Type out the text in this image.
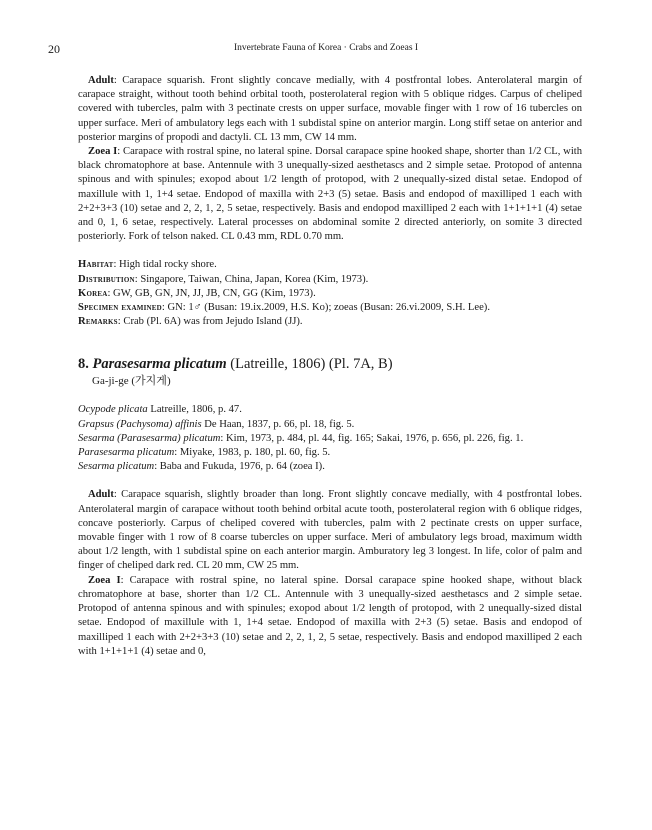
20	Invertebrate Fauna of Korea · Crabs and Zoeas I

Adult: Carapace squarish. Front slightly concave medially, with 4 postfrontal lobes. Anterolateral margin of carapace straight, without tooth behind orbital tooth, posterolateral region with 5 oblique ridges. Carpus of cheliped covered with tubercles, palm with 3 pectinate crests on upper surface, movable finger with 1 row of 16 tubercles on upper surface. Meri of ambulatory legs each with 1 subdistal spine on anterior margin. Long stiff setae on anterior and posterior margins of propodi and dactyli. CL 13 mm, CW 14 mm.

Zoea I: Carapace with rostral spine, no lateral spine. Dorsal carapace spine hooked shape, shorter than 1/2 CL, with black chromatophore at base. Antennule with 3 unequally-sized aesthetascs and 2 simple setae. Protopod of antenna spinous and with spinules; exopod about 1/2 length of protopod, with 2 unequally-sized distal setae. Endopod of maxillule with 1, 1+4 setae. Endopod of maxilla with 2+3 (5) setae. Basis and endopod of maxilliped 1 each with 2+2+3+3 (10) setae and 2, 2, 1, 2, 5 setae, respectively. Basis and endopod maxilliped 2 each with 1+1+1+1 (4) setae and 0, 1, 6 setae, respectively. Lateral processes on abdominal somite 2 directed anteriorly, on somite 3 directed posteriorly. Fork of telson naked. CL 0.43 mm, RDL 0.70 mm.

Habitat: High tidal rocky shore.

Distribution: Singapore, Taiwan, China, Japan, Korea (Kim, 1973).

Korea: GW, GB, GN, JN, JJ, JB, CN, GG (Kim, 1973).

Specimen examined: GN: 1♂ (Busan: 19.ix.2009, H.S. Ko); zoeas (Busan: 26.vi.2009, S.H. Lee).

Remarks: Crab (Pl. 6A) was from Jejudo Island (JJ).

8. Parasesarma plicatum (Latreille, 1806) (Pl. 7A, B)

Ga-ji-ge (가지게)

Ocypode plicata Latreille, 1806, p. 47.

Grapsus (Pachysoma) affinis De Haan, 1837, p. 66, pl. 18, fig. 5.

Sesarma (Parasesarma) plicatum: Kim, 1973, p. 484, pl. 44, fig. 165; Sakai, 1976, p. 656, pl. 226, fig. 1.

Parasesarma plicatum: Miyake, 1983, p. 180, pl. 60, fig. 5.

Sesarma plicatum: Baba and Fukuda, 1976, p. 64 (zoea I).

Adult: Carapace squarish, slightly broader than long. Front slightly concave medially, with 4 postfrontal lobes. Anterolateral margin of carapace without tooth behind orbital acute tooth, posterolateral region with 6 oblique ridges, concave posteriorly. Carpus of cheliped covered with tubercles, palm with 2 pectinate crests on upper surface, movable finger with 1 row of 8 coarse tubercles on upper surface. Meri of ambulatory legs broad, maximum width about 1/2 length, with 1 subdistal spine on each anterior margin. Amburatory leg 3 longest. In life, color of palm and finger of cheliped dark red. CL 20 mm, CW 25 mm.

Zoea I: Carapace with rostral spine, no lateral spine. Dorsal carapace spine hooked shape, without black chromatophore at base, shorter than 1/2 CL. Antennule with 3 unequally-sized aesthetascs and 2 simple setae. Protopod of antenna spinous and with spinules; exopod about 1/2 length of protopod, with 2 unequally-sized distal setae. Endopod of maxillule with 1, 1+4 setae. Endopod of maxilla with 2+3 (5) setae. Basis and endopod of maxilliped 1 each with 2+2+3+3 (10) setae and 2, 2, 1, 2, 5 setae, respectively. Basis and endopod maxilliped 2 each with 1+1+1+1 (4) setae and 0,
